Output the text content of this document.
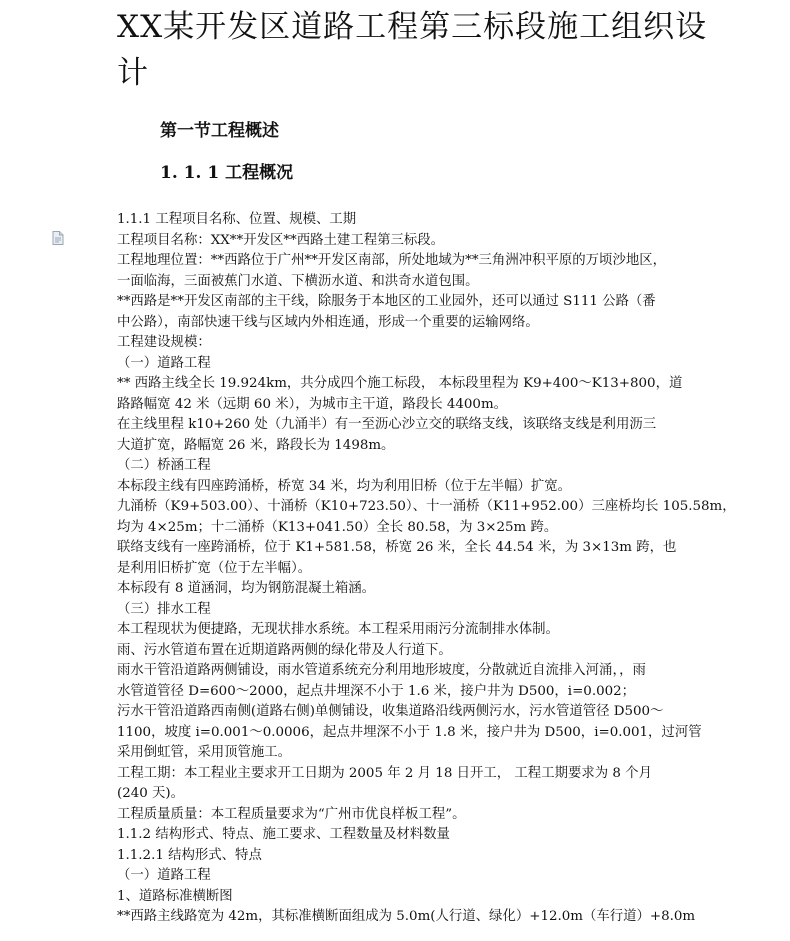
XX某开发区道路工程第三标段施工组织设计
第一节工程概述
1. 1. 1 工程概况
1.1.1 工程项目名称、位置、规模、工期
工程项目名称：XX**开发区**西路土建工程第三标段。
工程地理位置：**西路位于广州**开发区南部，所处地域为**三角洲冲积平原的万顷沙地区，
一面临海，三面被蕉门水道、下横沥水道、和洪奇水道包围。
**西路是**开发区南部的主干线，除服务于本地区的工业园外，还可以通过 S111 公路（番
中公路），南部快速干线与区域内外相连通，形成一个重要的运输网络。
工程建设规模：
（一）道路工程
** 西路主线全长 19.924km，共分成四个施工标段， 本标段里程为 K9+400～K13+800，道
路路幅宽 42 米（远期 60 米），为城市主干道，路段长 4400m。
在主线里程 k10+260 处（九涌半）有一至沥心沙立交的联络支线，该联络支线是利用沥三
大道扩宽，路幅宽 26 米，路段长为 1498m。
（二）桥涵工程
本标段主线有四座跨涌桥，桥宽 34 米，均为利用旧桥（位于左半幅）扩宽。
九涌桥（K9+503.00）、十涌桥（K10+723.50）、十一涌桥（K11+952.00）三座桥均长 105.58m，
均为 4×25m；十二涌桥（K13+041.50）全长 80.58，为 3×25m 跨。
联络支线有一座跨涌桥，位于 K1+581.58，桥宽 26 米，全长 44.54 米，为 3×13m 跨，也
是利用旧桥扩宽（位于左半幅）。
本标段有 8 道涵洞，均为钢筋混凝土箱涵。
（三）排水工程
本工程现状为便捷路，无现状排水系统。本工程采用雨污分流制排水体制。
雨、污水管道布置在近期道路两侧的绿化带及人行道下。
雨水干管沿道路两侧铺设，雨水管道系统充分利用地形坡度，分散就近自流排入河涌，，雨
水管道管径 D=600～2000，起点井埋深不小于 1.6 米，接户井为 D500，i=0.002；
污水干管沿道路西南侧(道路右侧)单侧铺设，收集道路沿线两侧污水，污水管道管径 D500～
1100，坡度 i=0.001～0.0006，起点井埋深不小于 1.8 米，接户井为 D500，i=0.001，过河管
采用倒虹管，采用顶管施工。
工程工期：本工程业主要求开工日期为 2005 年 2 月 18 日开工， 工程工期要求为 8 个月
(240 天)。
工程质量质量：本工程质量要求为“广州市优良样板工程”。
1.1.2 结构形式、特点、施工要求、工程数量及材料数量
1.1.2.1 结构形式、特点
（一）道路工程
1、道路标准横断图
**西路主线路宽为 42m，其标准横断面组成为 5.0m(人行道、绿化）+12.0m（车行道）+8.0m
